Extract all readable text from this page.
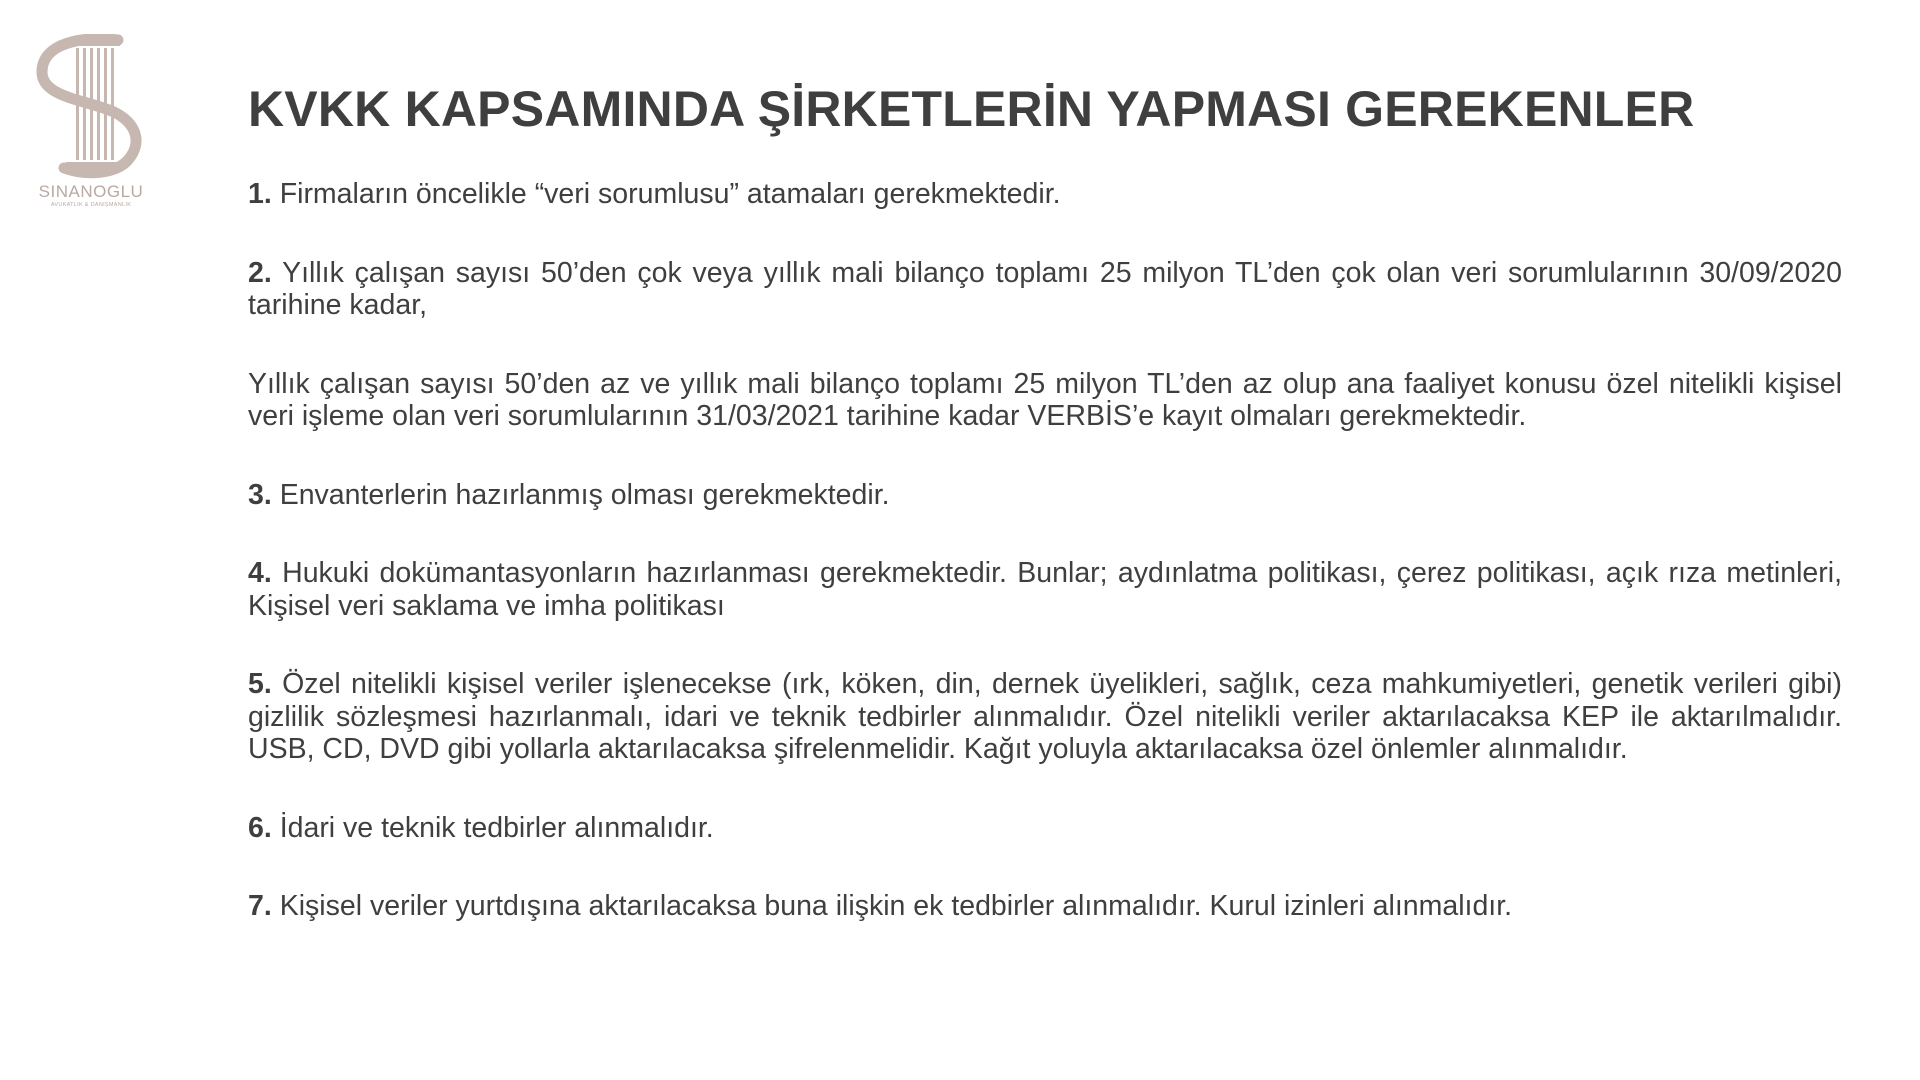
SINANOGLU
AVUKATLIK & DANIŞMANLIK
KVKK KAPSAMINDA ŞİRKETLERİN YAPMASI GEREKENLER

1. Firmaların öncelikle “veri sorumlusu” atamaları gerekmektedir.

2. Yıllık çalışan sayısı 50’den çok veya yıllık mali bilanço toplamı 25 milyon TL’den çok olan veri sorumlularının 30/09/2020 tarihine kadar,

Yıllık çalışan sayısı 50’den az ve yıllık mali bilanço toplamı 25 milyon TL’den az olup ana faaliyet konusu özel nitelikli kişisel veri işleme olan veri sorumlularının 31/03/2021 tarihine kadar VERBİS’e kayıt olmaları gerekmektedir.

3. Envanterlerin hazırlanmış olması gerekmektedir.

4. Hukuki dokümantasyonların hazırlanması gerekmektedir. Bunlar; aydınlatma politikası, çerez politikası, açık rıza metinleri, Kişisel veri saklama ve imha politikası

5. Özel nitelikli kişisel veriler işlenecekse (ırk, köken, din, dernek üyelikleri, sağlık, ceza mahkumiyetleri, genetik verileri gibi) gizlilik sözleşmesi hazırlanmalı, idari ve teknik tedbirler alınmalıdır. Özel nitelikli veriler aktarılacaksa KEP ile aktarılmalıdır. USB, CD, DVD gibi yollarla aktarılacaksa şifrelenmelidir. Kağıt yoluyla aktarılacaksa özel önlemler alınmalıdır.

6. İdari ve teknik tedbirler alınmalıdır.

7. Kişisel veriler yurtdışına aktarılacaksa buna ilişkin ek tedbirler alınmalıdır. Kurul izinleri alınmalıdır.
